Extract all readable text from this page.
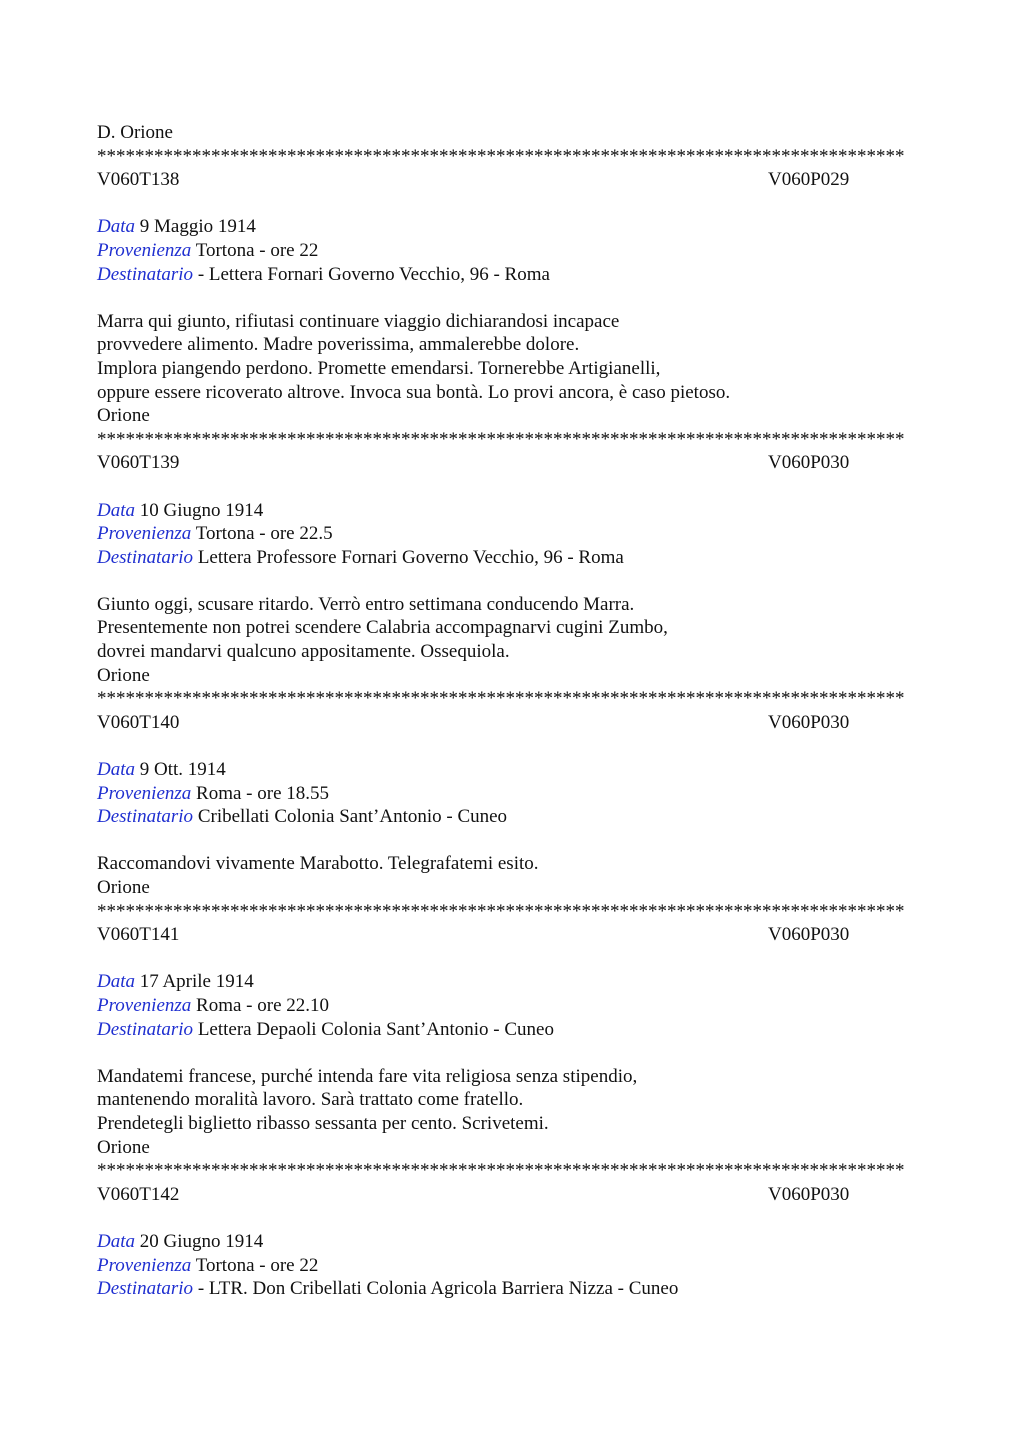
D. Orione
*************************************************************************************
V060T138	V060P029
Data 9 Maggio 1914
Provenienza Tortona - ore 22
Destinatario - Lettera Fornari Governo Vecchio, 96 - Roma
Marra qui giunto, rifiutasi continuare viaggio dichiarandosi incapace
provvedere alimento. Madre poverissima, ammalerebbe dolore.
Implora piangendo perdono. Promette emendarsi. Tornerebbe Artigianelli,
oppure essere ricoverato altrove. Invoca sua bontà. Lo provi ancora, è caso pietoso.
Orione
*************************************************************************************
V060T139	V060P030
Data 10 Giugno 1914
Provenienza Tortona - ore 22.5
Destinatario Lettera Professore Fornari Governo Vecchio, 96 - Roma
Giunto oggi, scusare ritardo. Verrò entro settimana conducendo Marra.
Presentemente non potrei scendere Calabria accompagnarvi cugini Zumbo,
dovrei mandarvi qualcuno appositamente. Ossequiola.
Orione
*************************************************************************************
V060T140	V060P030
Data 9 Ott. 1914
Provenienza Roma - ore 18.55
Destinatario Cribellati Colonia Sant’Antonio - Cuneo
Raccomandovi vivamente Marabotto. Telegrafatemi esito.
Orione
*************************************************************************************
V060T141	V060P030
Data 17 Aprile 1914
Provenienza Roma - ore 22.10
Destinatario Lettera Depaoli Colonia Sant’Antonio - Cuneo
Mandatemi francese, purché intenda fare vita religiosa senza stipendio,
mantenendo moralità lavoro. Sarà trattato come fratello.
Prendetegli biglietto ribasso sessanta per cento. Scrivetemi.
Orione
*************************************************************************************
V060T142	V060P030
Data 20 Giugno 1914
Provenienza Tortona - ore 22
Destinatario - LTR. Don Cribellati Colonia Agricola Barriera Nizza - Cuneo
